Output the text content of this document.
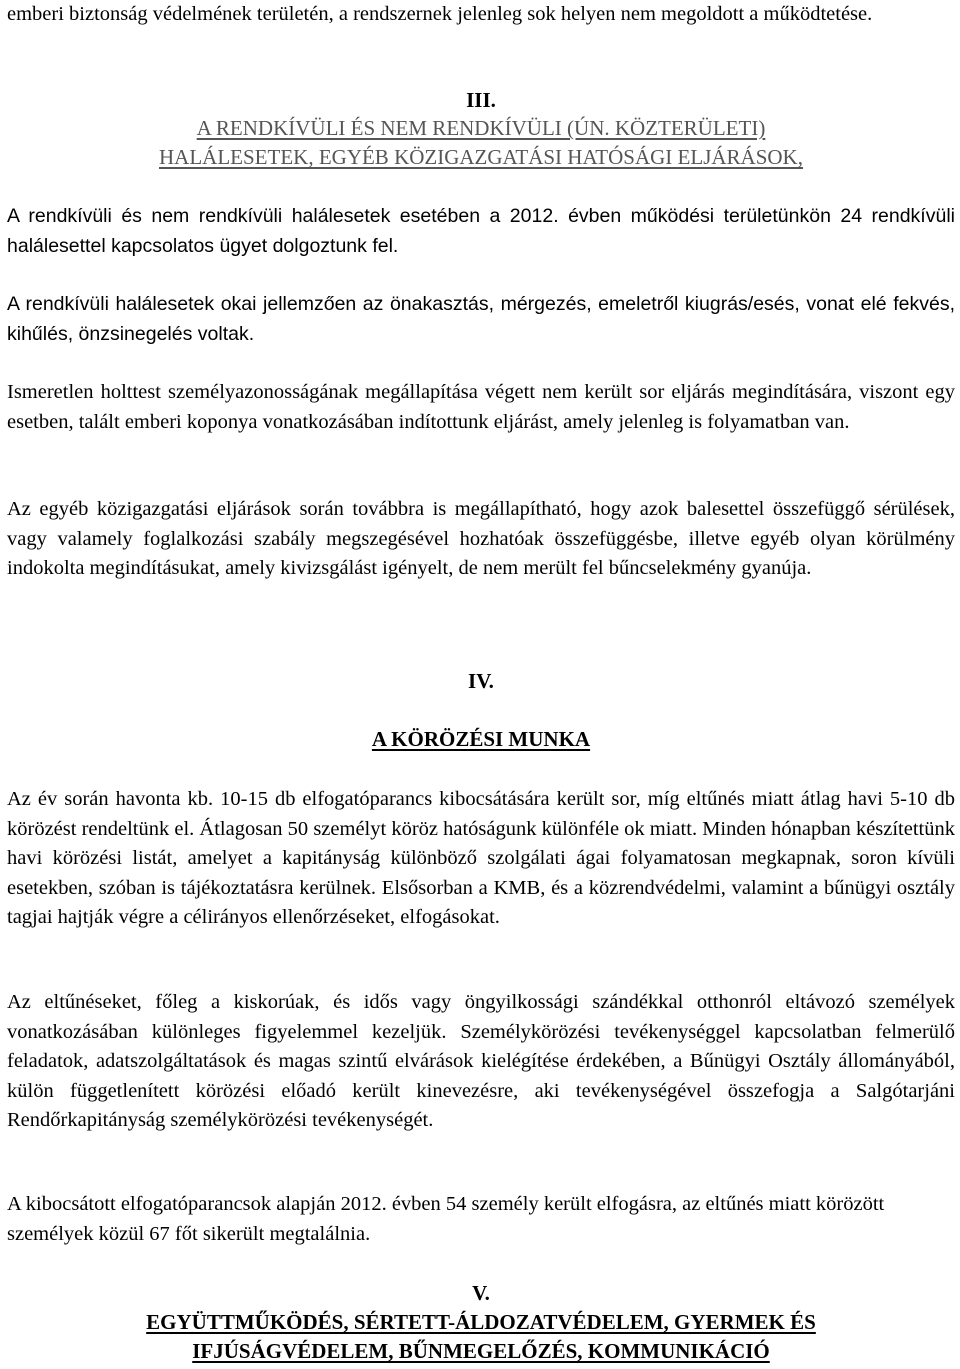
emberi biztonság védelmének területén, a rendszernek jelenleg sok helyen nem megoldott a működtetése.

III.

A RENDKÍVÜLI ÉS NEM RENDKÍVÜLI (ÚN. KÖZTERÜLETI)

HALÁLESETEK, EGYÉB KÖZIGAZGATÁSI HATÓSÁGI ELJÁRÁSOK,

A rendkívüli és nem rendkívüli halálesetek esetében a 2012. évben működési területünkön 24 rendkívüli halálesettel kapcsolatos ügyet dolgoztunk fel.

A rendkívüli halálesetek okai jellemzően az önakasztás, mérgezés, emeletről kiugrás/esés, vonat elé fekvés, kihűlés, önzsinegelés voltak.

Ismeretlen holttest személyazonosságának megállapítása végett nem került sor eljárás megindítására, viszont egy esetben, talált emberi koponya vonatkozásában indítottunk eljárást, amely jelenleg is folyamatban van.

Az egyéb közigazgatási eljárások során továbbra is megállapítható, hogy azok balesettel összefüggő sérülések, vagy valamely foglalkozási szabály megszegésével hozhatóak összefüggésbe, illetve egyéb olyan körülmény indokolta megindításukat, amely kivizsgálást igényelt, de nem merült fel bűncselekmény gyanúja.

IV.

A KÖRÖZÉSI MUNKA

Az év során havonta kb. 10-15 db elfogatóparancs kibocsátására került sor, míg eltűnés miatt átlag havi 5-10 db körözést rendeltünk el. Átlagosan 50 személyt köröz hatóságunk különféle ok miatt. Minden hónapban készítettünk havi körözési listát, amelyet a kapitányság különböző szolgálati ágai folyamatosan megkapnak, soron kívüli esetekben, szóban is tájékoztatásra kerülnek. Elsősorban a KMB, és a közrendvédelmi, valamint a bűnügyi osztály tagjai hajtják végre a célirányos ellenőrzéseket, elfogásokat.

Az eltűnéseket, főleg a kiskorúak, és idős vagy öngyilkossági szándékkal otthonról eltávozó személyek vonatkozásában különleges figyelemmel kezeljük. Személykörözési tevékenységgel kapcsolatban felmerülő feladatok, adatszolgáltatások és magas szintű elvárások kielégítése érdekében, a Bűnügyi Osztály állományából, külön függetlenített körözési előadó került kinevezésre, aki tevékenységével összefogja a Salgótarjáni Rendőrkapitányság személykörözési tevékenységét.

A kibocsátott elfogatóparancsok alapján 2012. évben 54 személy került elfogásra, az eltűnés miatt körözött személyek közül 67 főt sikerült megtalálnia.

V.

EGYÜTTMŰKÖDÉS, SÉRTETT-ÁLDOZATVÉDELEM, GYERMEK ÉS

IFJÚSÁGVÉDELEM, BŰNMEGELŐZÉS, KOMMUNIKÁCIÓ
